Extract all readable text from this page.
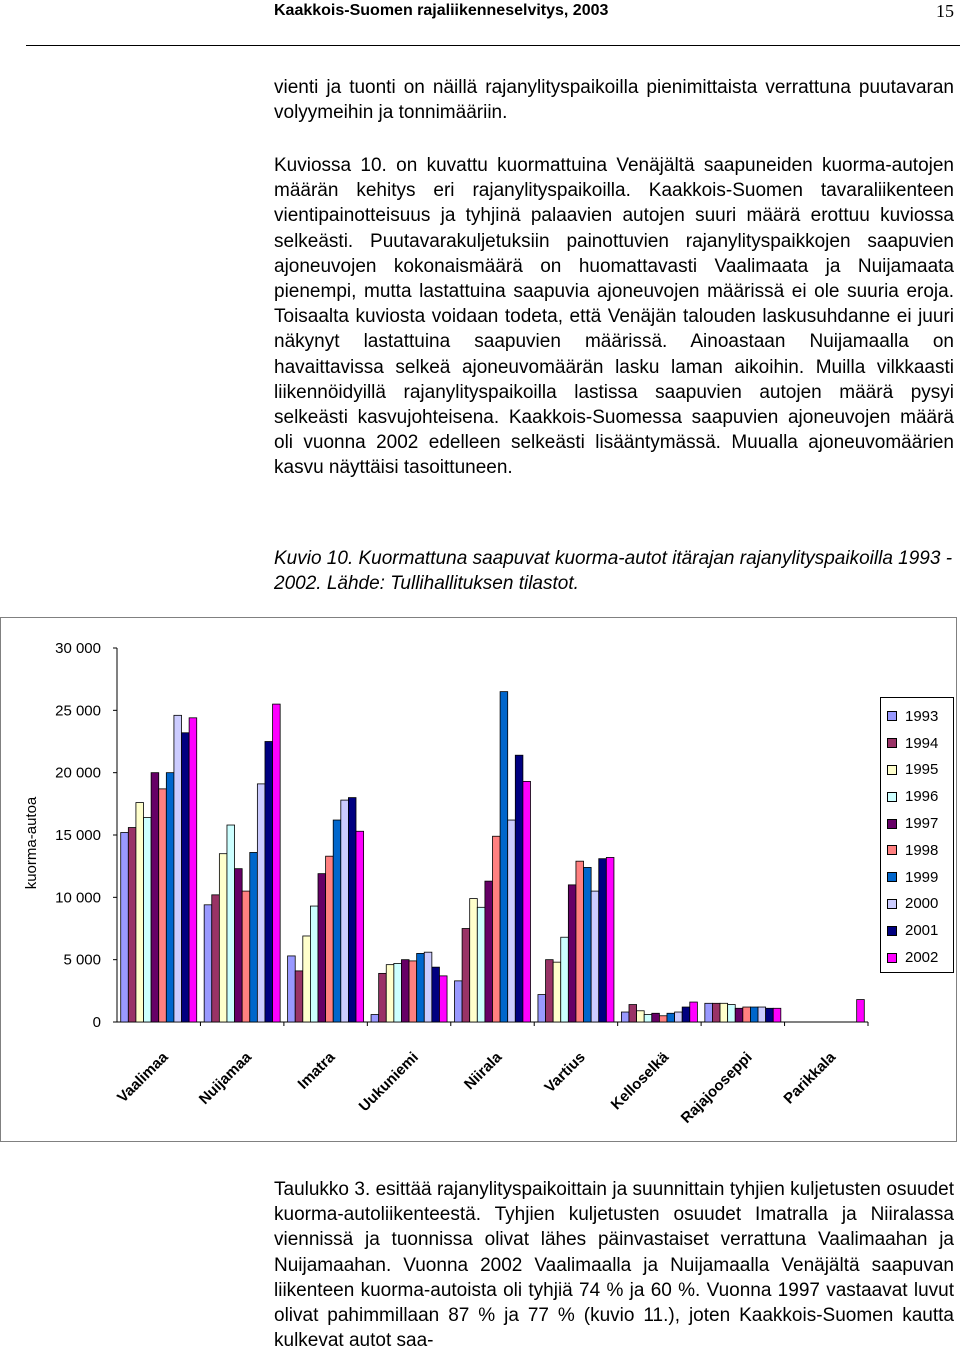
Kaakkois-Suomen rajaliikenneselvitys, 2003	15
vienti ja tuonti on näillä rajanylityspaikoilla pienimittaista verrattuna puutavaran volyymeihin ja tonnimääriin.
Kuviossa 10. on kuvattu kuormattuina Venäjältä saapuneiden kuorma-autojen määrän kehitys eri rajanylityspaikoilla. Kaakkois-Suomen tavaraliikenteen vientipainotteisuus ja tyhjinä palaavien autojen suuri määrä erottuu kuviossa selkeästi. Puutavarakuljetuksiin painottuvien rajanylityspaikkojen saapuvien ajoneuvojen kokonaismäärä on huomattavasti Vaalimaata ja Nuijamaata pienempi, mutta lastattuina saapuvia ajoneuvojen määrissä ei ole suuria eroja. Toisaalta kuviosta voidaan todeta, että Venäjän talouden laskusuhdanne ei juuri näkynyt lastattuina saapuvien määrissä. Ainoastaan Nuijamaalla on havaittavissa selkeä ajoneuvomäärän lasku laman aikoihin. Muilla vilkkaasti liikennöidyillä rajanylityspaikoilla lastissa saapuvien autojen määrä pysyi selkeästi kasvujohteisena. Kaakkois-Suomessa saapuvien ajoneuvojen määrä oli vuonna 2002 edelleen selkeästi lisääntymässä. Muualla ajoneuvomäärien kasvu näyttäisi tasoittuneen.
Kuvio 10. Kuormattuna saapuvat kuorma-autot itärajan rajanylityspaikoilla 1993 - 2002. Lähde: Tullihallituksen tilastot.
0
5 000
10 000
15 000
20 000
25 000
30 000
kuorma-autoa
Vaalimaa Nuijamaa	Imatra Uukuniemi	Niirala Vartius Kelloselkä Rajajooseppi Parikkala
1993
1994
1995
1996
1997
1998
1999
2000
2001
2002
Taulukko 3. esittää rajanylityspaikoittain ja suunnittain tyhjien kuljetusten osuudet kuorma-autoliikenteestä. Tyhjien kuljetusten osuudet Imatralla ja Niiralassa viennissä ja tuonnissa olivat lähes päinvastaiset verrattuna Vaalimaahan ja Nuijamaahan. Vuonna 2002 Vaalimaalla ja Nuijamaalla Venäjältä saapuvan liikenteen kuorma-autoista oli tyhjiä 74 % ja 60 %. Vuonna 1997 vastaavat luvut olivat pahimmillaan 87 % ja 77 % (kuvio 11.), joten Kaakkois-Suomen kautta kulkevat autot saa-
